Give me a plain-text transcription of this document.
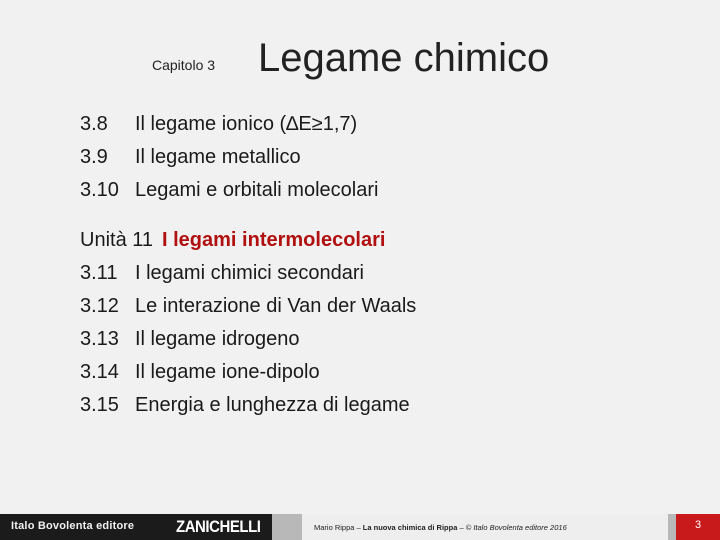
Capitolo 3 Legame chimico
3.8	Il legame ionico (∆E≥1,7)
3.9	Il legame metallico
3.10 Legami e orbitali molecolari
Unità 11 I legami intermolecolari
3.11 I legami chimici secondari
3.12 Le interazione di Van der Waals
3.13 Il legame idrogeno
3.14 Il legame ione-dipolo
3.15 Energia e lunghezza di legame
Italo Bovolenta editore ZANICHELLI	Mario Rippa – La nuova chimica di Rippa – © Italo Bovolenta editore 2016	3
